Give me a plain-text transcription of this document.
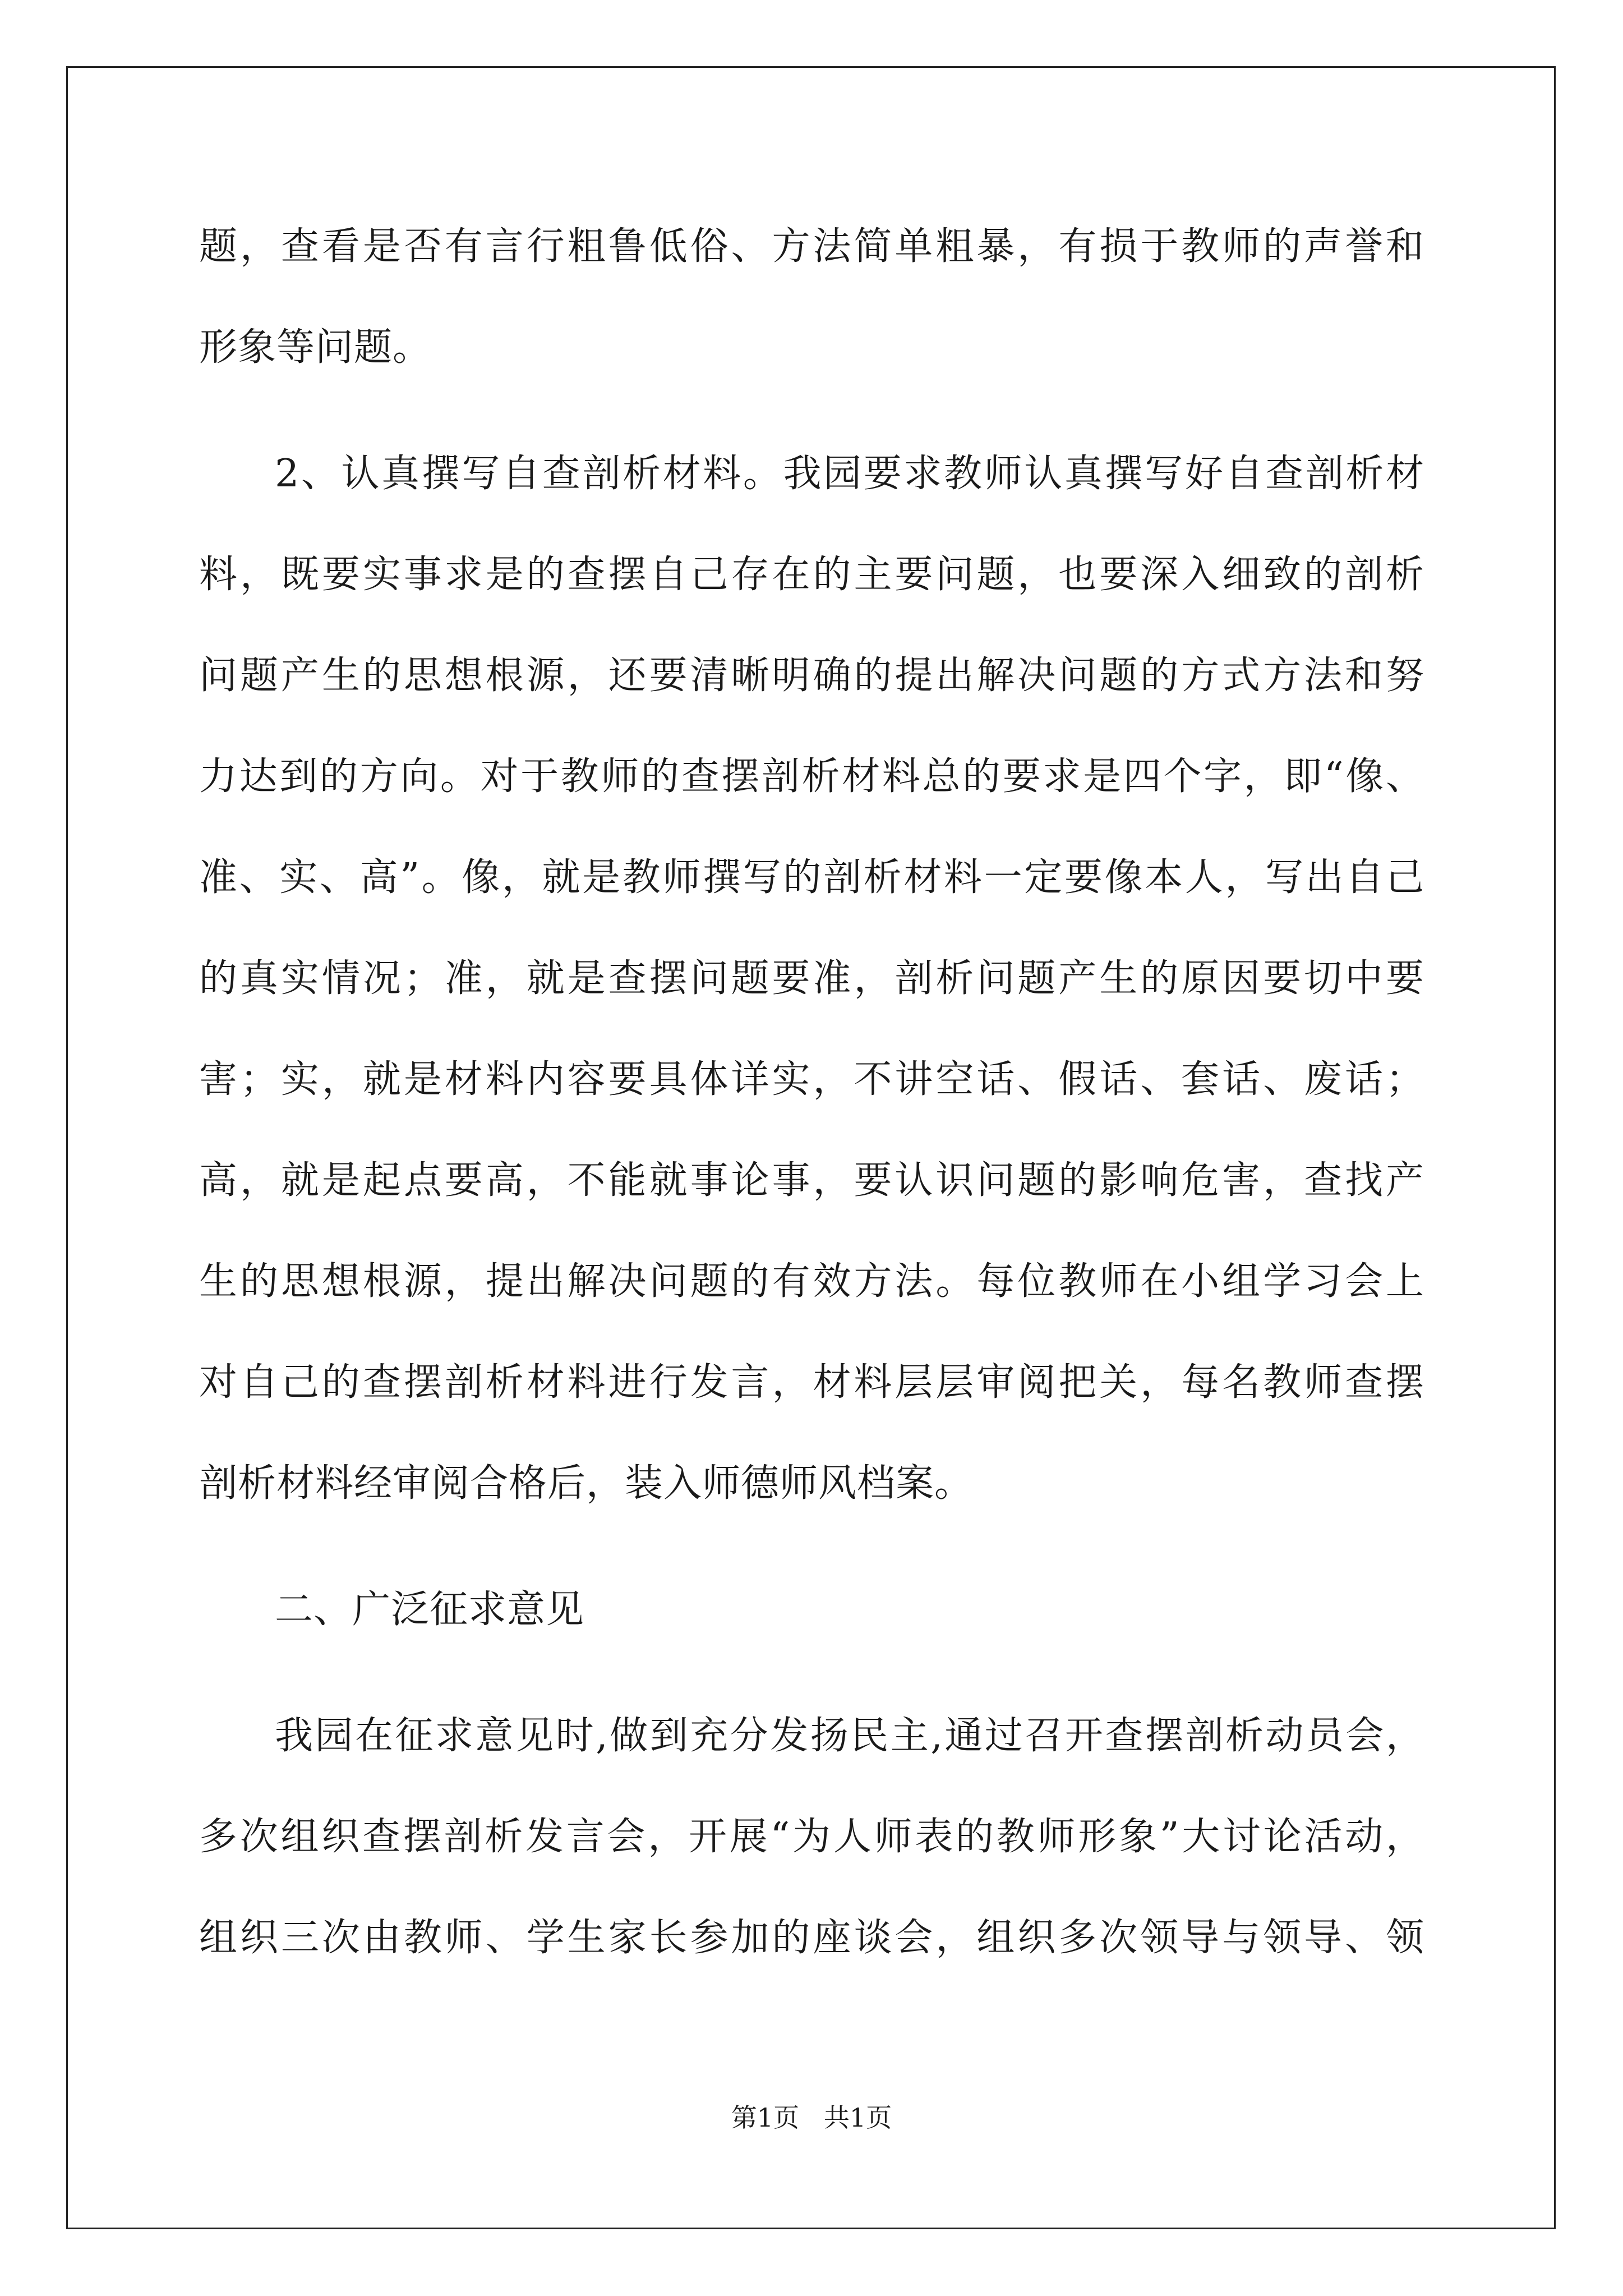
题，查看是否有言行粗鲁低俗、方法简单粗暴，有损于教师的声誉和
形象等问题。
2、认真撰写自查剖析材料。我园要求教师认真撰写好自查剖析材
料，既要实事求是的查摆自己存在的主要问题，也要深入细致的剖析
问题产生的思想根源，还要清晰明确的提出解决问题的方式方法和努
力达到的方向。对于教师的查摆剖析材料总的要求是四个字，即“像、
准、实、高”。像，就是教师撰写的剖析材料一定要像本人，写出自己
的真实情况；准，就是查摆问题要准，剖析问题产生的原因要切中要
害；实，就是材料内容要具体详实，不讲空话、假话、套话、废话；
高，就是起点要高，不能就事论事，要认识问题的影响危害，查找产
生的思想根源，提出解决问题的有效方法。每位教师在小组学习会上
对自己的查摆剖析材料进行发言，材料层层审阅把关，每名教师查摆
剖析材料经审阅合格后，装入师德师风档案。
二、广泛征求意见
我园在征求意见时,做到充分发扬民主,通过召开查摆剖析动员会，
多次组织查摆剖析发言会，开展“为人师表的教师形象”大讨论活动，
组织三次由教师、学生家长参加的座谈会，组织多次领导与领导、领
第1页   共1页
